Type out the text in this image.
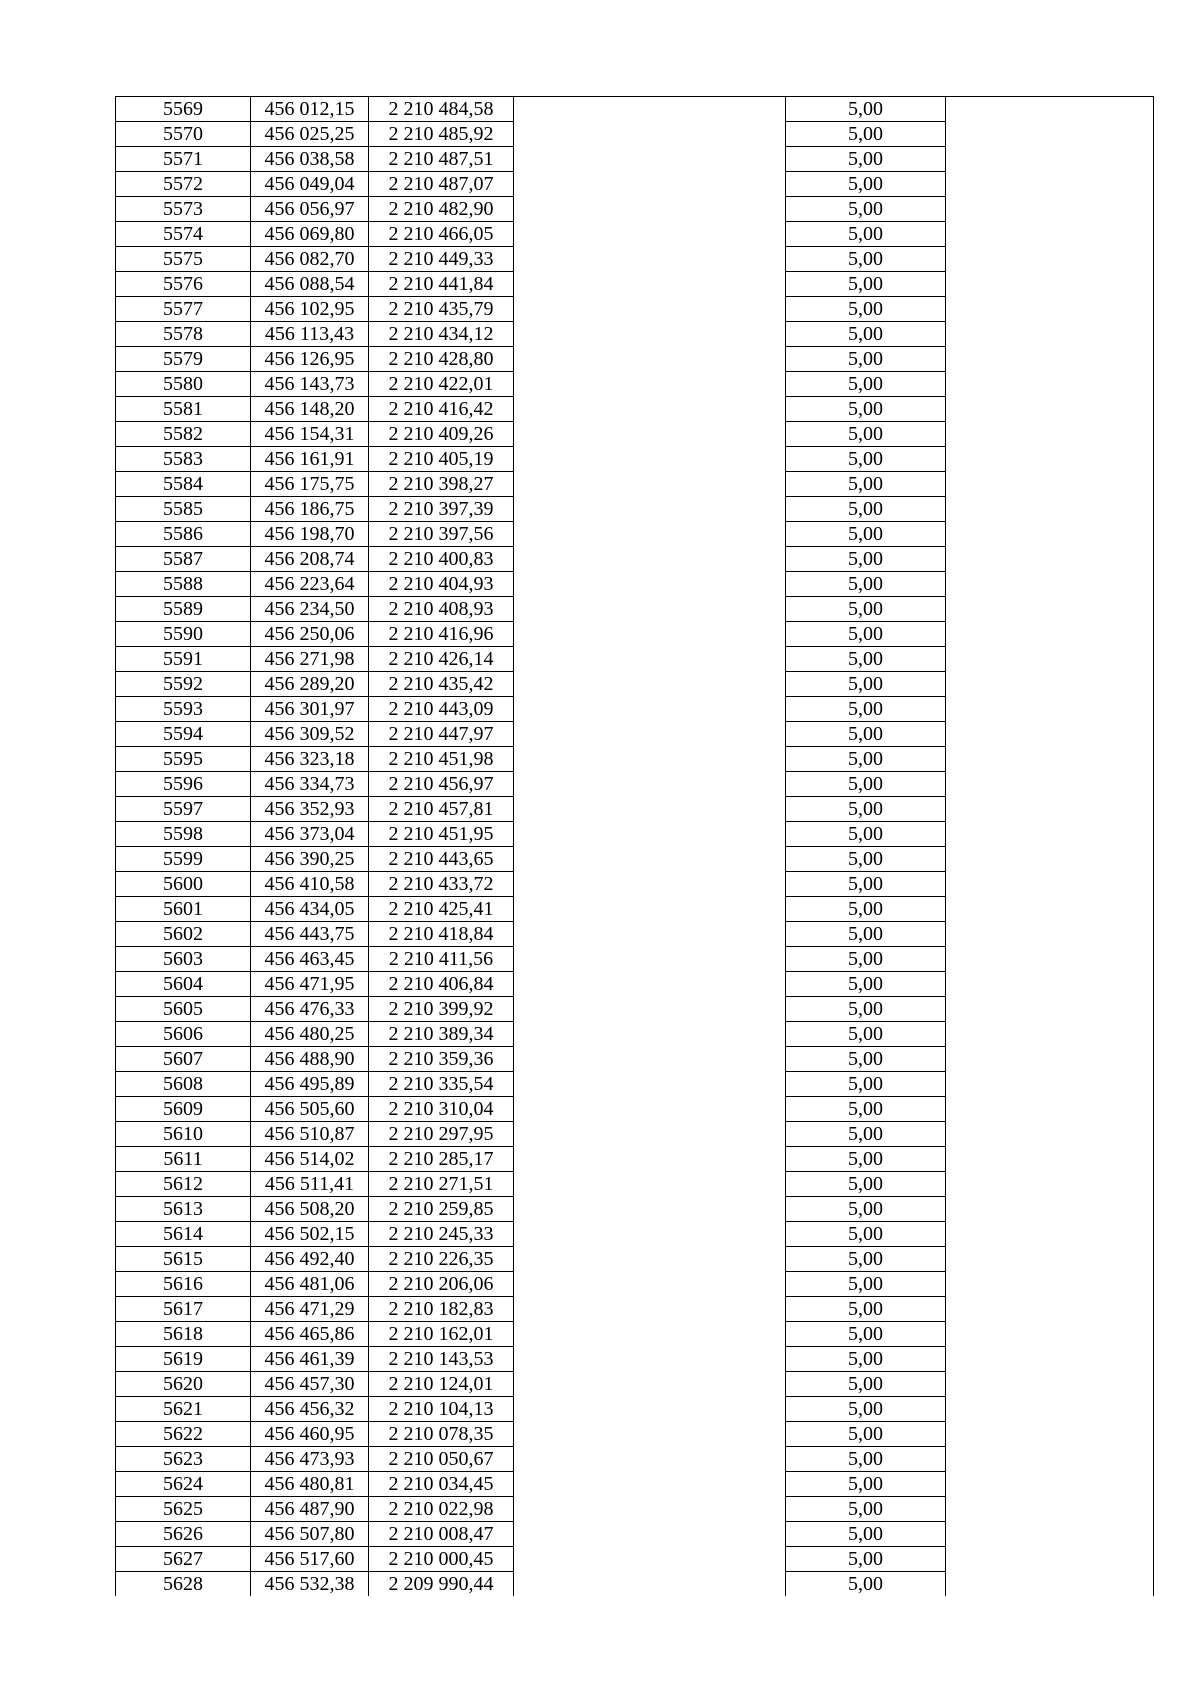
5569	456 012,15	2 210 484,58		5,00	
5570	456 025,25	2 210 485,92		5,00	
5571	456 038,58	2 210 487,51		5,00	
5572	456 049,04	2 210 487,07		5,00	
5573	456 056,97	2 210 482,90		5,00	
5574	456 069,80	2 210 466,05		5,00	
5575	456 082,70	2 210 449,33		5,00	
5576	456 088,54	2 210 441,84		5,00	
5577	456 102,95	2 210 435,79		5,00	
5578	456 113,43	2 210 434,12		5,00	
5579	456 126,95	2 210 428,80		5,00	
5580	456 143,73	2 210 422,01		5,00	
5581	456 148,20	2 210 416,42		5,00	
5582	456 154,31	2 210 409,26		5,00	
5583	456 161,91	2 210 405,19		5,00	
5584	456 175,75	2 210 398,27		5,00	
5585	456 186,75	2 210 397,39		5,00	
5586	456 198,70	2 210 397,56		5,00	
5587	456 208,74	2 210 400,83		5,00	
5588	456 223,64	2 210 404,93		5,00	
5589	456 234,50	2 210 408,93		5,00	
5590	456 250,06	2 210 416,96		5,00	
5591	456 271,98	2 210 426,14		5,00	
5592	456 289,20	2 210 435,42		5,00	
5593	456 301,97	2 210 443,09		5,00	
5594	456 309,52	2 210 447,97		5,00	
5595	456 323,18	2 210 451,98		5,00	
5596	456 334,73	2 210 456,97		5,00	
5597	456 352,93	2 210 457,81		5,00	
5598	456 373,04	2 210 451,95		5,00	
5599	456 390,25	2 210 443,65		5,00	
5600	456 410,58	2 210 433,72		5,00	
5601	456 434,05	2 210 425,41		5,00	
5602	456 443,75	2 210 418,84		5,00	
5603	456 463,45	2 210 411,56		5,00	
5604	456 471,95	2 210 406,84		5,00	
5605	456 476,33	2 210 399,92		5,00	
5606	456 480,25	2 210 389,34		5,00	
5607	456 488,90	2 210 359,36		5,00	
5608	456 495,89	2 210 335,54		5,00	
5609	456 505,60	2 210 310,04		5,00	
5610	456 510,87	2 210 297,95		5,00	
5611	456 514,02	2 210 285,17		5,00	
5612	456 511,41	2 210 271,51		5,00	
5613	456 508,20	2 210 259,85		5,00	
5614	456 502,15	2 210 245,33		5,00	
5615	456 492,40	2 210 226,35		5,00	
5616	456 481,06	2 210 206,06		5,00	
5617	456 471,29	2 210 182,83		5,00	
5618	456 465,86	2 210 162,01		5,00	
5619	456 461,39	2 210 143,53		5,00	
5620	456 457,30	2 210 124,01		5,00	
5621	456 456,32	2 210 104,13		5,00	
5622	456 460,95	2 210 078,35		5,00	
5623	456 473,93	2 210 050,67		5,00	
5624	456 480,81	2 210 034,45		5,00	
5625	456 487,90	2 210 022,98		5,00	
5626	456 507,80	2 210 008,47		5,00	
5627	456 517,60	2 210 000,45		5,00	
5628	456 532,38	2 209 990,44		5,00	
